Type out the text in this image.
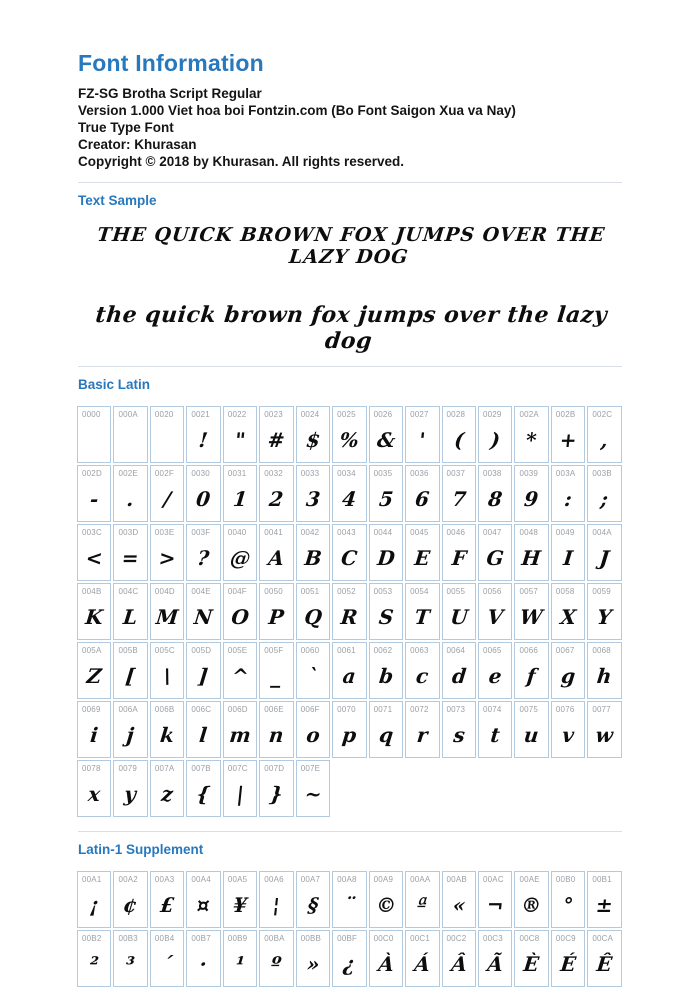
Font Information
FZ-SG Brotha Script Regular
Version 1.000 Viet hoa boi Fontzin.com (Bo Font Saigon Xua va Nay)
True Type Font
Creator: Khurasan
Copyright © 2018 by Khurasan. All rights reserved.
Text Sample
THE QUICK BROWN FOX JUMPS OVER THE LAZY DOG
the quick brown fox jumps over the lazy dog
Basic Latin
0000	000A	0020	0021
!

0022
"

0023
#

0024
$

0025
%

0026
&

0027
'

0028
(

0029
)

002A
*

002B
+

002C
,

002D
-

002E
.

002F
/

0030
0

0031
1

0032
2

0033
3

0034
4

0035
5

0036
6

0037
7

0038
8

0039
9

003A
:

003B
;

003C
<

003D
=

003E
>

003F
?

0040
@

0041
A

0042
B

0043
C

0044
D

0045
E

0046
F

0047
G

0048
H

0049
I

004A
J

004B
K

004C
L

004D
M

004E
N

004F
O

0050
P

0051
Q

0052
R

0053
S

0054
T

0055
U

0056
V

0057
W

0058
X

0059
Y

005A
Z

005B
[

005C
\

005D
]

005E
^

005F
_

0060
`

0061
a

0062
b

0063
c

0064
d

0065
e

0066
f

0067
g

0068
h

0069
i

006A
j

006B
k

006C
l

006D
m

006E
n

006F
o

0070
p

0071
q

0072
r

0073
s

0074
t

0075
u

0076
v

0077
w

0078
x

0079
y

007A
z

007B
{

007C
|

007D
}

007E
~
Latin-1 Supplement
00A1
¡

00A2
¢

00A3
£

00A4
¤

00A5
¥

00A6
¦

00A7
§

00A8
¨

00A9
©

00AA
ª

00AB
«

00AC
¬

00AE
®

00B0
°

00B1
±

00B2
²

00B3
³

00B4
´

00B7
·

00B9
¹

00BA
º

00BB
»

00BF
¿

00C0
À

00C1
Á

00C2
Â

00C3
Ã

00C8
È

00C9
É

00CA
Ê
